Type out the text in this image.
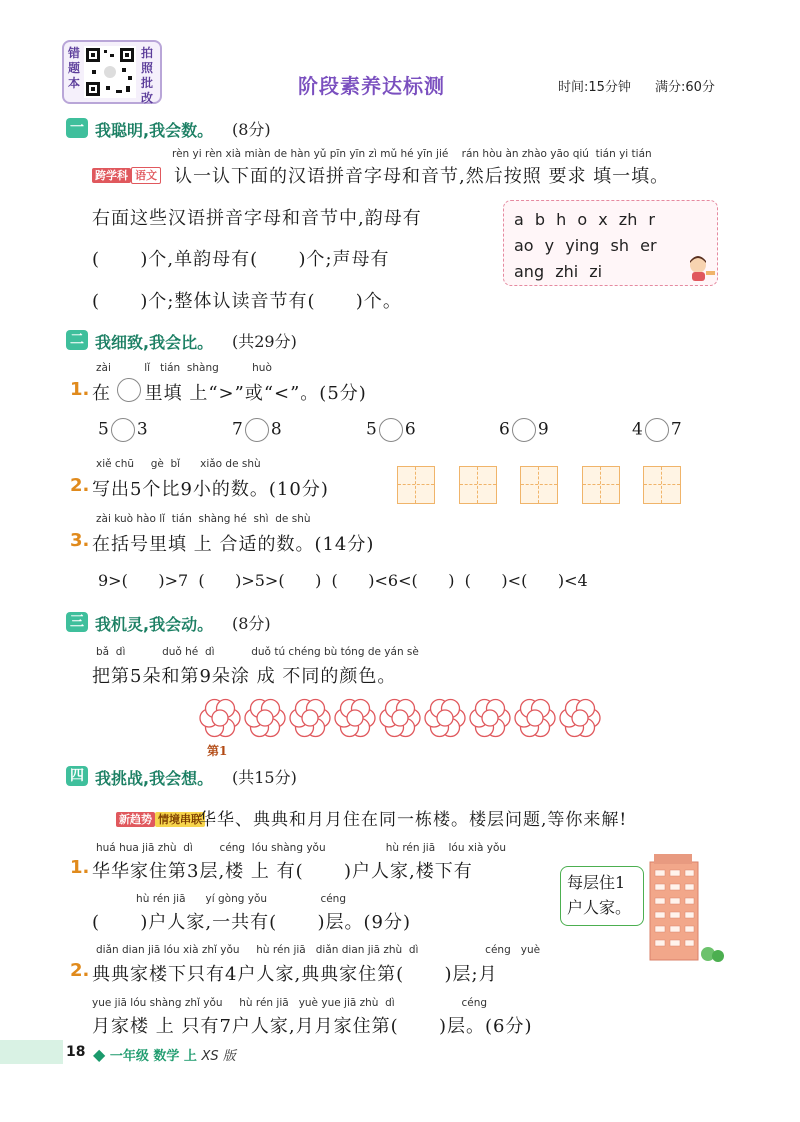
错题本
拍照批改	阶段素养达标测	时间:15分钟 满分:60分
一 我聪明,我会数。 (8分)
rèn yi rèn xià miàn de hàn yǔ pīn yīn zì mǔ hé yīn jié    rán hòu àn zhào yāo qiú  tián yi tián
跨学科 语文 认一认下面的汉语拼音字母和音节,然后按照 要求 填一填。
右面这些汉语拼音字母和音节中,韵母有
(      )个,单韵母有(      )个;声母有
(      )个;整体认读音节有(      )个。
a b h o x zh r
ao y ying sh er
ang zhi zi
二 我细致,我会比。 (共29分)
zài          lǐ   tián  shàng          huò
1. 在     里填 上“>”或“<”。(5分)
5 3	7 8	5 6	6 9	4 7
xiě chū     gè  bǐ      xiǎo de shù
2. 写出5个比9小的数。(10分)
zài kuò hào lǐ  tián  shàng hé  shì  de shù
3. 在括号里填 上 合适的数。(14分)
9>(      )>7  (      )>5>(      )  (      )<6<(      )  (      )<(      )<4
三 我机灵,我会动。 (8分)
bǎ  dì           duǒ hé  dì           duǒ tú chéng bù tóng de yán sè
把第5朵和第9朵涂 成 不同的颜色。
第1
四 我挑战,我会想。 (共15分)
新趋势 情境串联
华华、典典和月月住在同一栋楼。楼层问题,等你来解!
huá hua jiā zhù  dì        céng  lóu shàng yǒu                  hù rén jiā    lóu xià yǒu
1. 华华家住第3层,楼 上 有(      )户人家,楼下有
hù rén jiā      yí gòng yǒu                céng
(      )户人家,一共有(      )层。(9分)
每层住1户人家。
diǎn dian jiā lóu xià zhǐ yǒu     hù rén jiā   diǎn dian jiā zhù  dì                    céng   yuè
2. 典典家楼下只有4户人家,典典家住第(      )层;月
yue jiā lóu shàng zhǐ yǒu     hù rén jiā   yuè yue jiā zhù  dì                    céng
月家楼 上 只有7户人家,月月家住第(      )层。(6分)
18 ◆ 一年级 数学 上 XS 版
